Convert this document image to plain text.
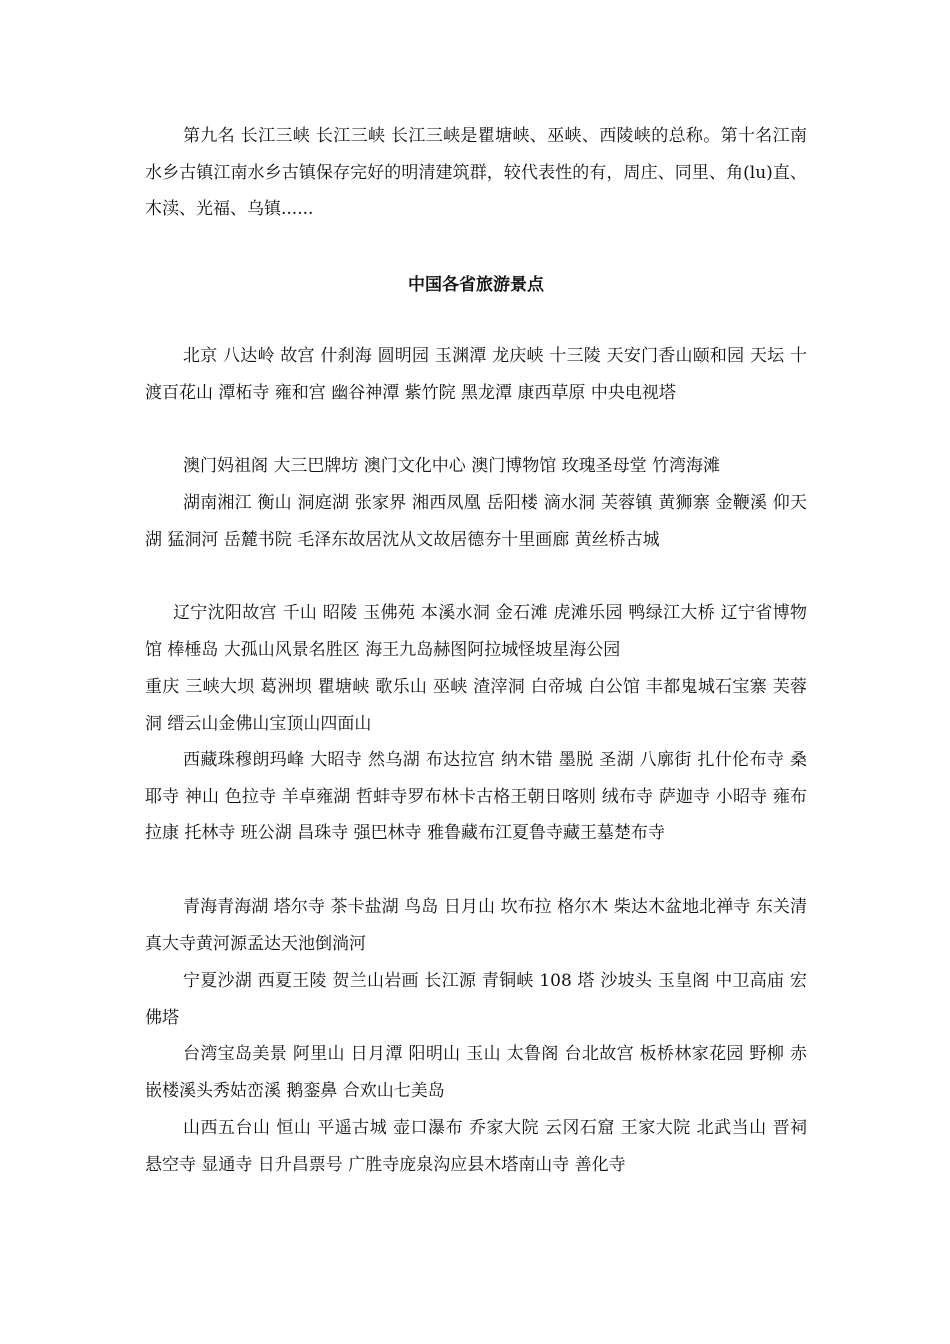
第九名 长江三峡 长江三峡 长江三峡是瞿塘峡、巫峡、西陵峡的总称。第十名江南水乡古镇江南水乡古镇保存完好的明清建筑群，较代表性的有，周庄、同里、角(lu)直、木渎、光福、乌镇......
中国各省旅游景点
北京 八达岭 故宫 什刹海 圆明园 玉渊潭 龙庆峡 十三陵 天安门香山颐和园 天坛 十渡百花山 潭柘寺 雍和宫 幽谷神潭 紫竹院 黑龙潭 康西草原 中央电视塔
澳门妈祖阁 大三巴牌坊 澳门文化中心 澳门博物馆 玫瑰圣母堂 竹湾海滩
湖南湘江 衡山 洞庭湖 张家界 湘西凤凰 岳阳楼 滴水洞 芙蓉镇 黄狮寨 金鞭溪 仰天湖 猛洞河 岳麓书院 毛泽东故居沈从文故居德夯十里画廊 黄丝桥古城
辽宁沈阳故宫 千山 昭陵 玉佛苑 本溪水洞 金石滩 虎滩乐园 鸭绿江大桥 辽宁省博物馆 棒棰岛 大孤山风景名胜区 海王九岛赫图阿拉城怪坡星海公园
重庆 三峡大坝 葛洲坝 瞿塘峡 歌乐山 巫峡 渣滓洞 白帝城 白公馆 丰都鬼城石宝寨 芙蓉洞 缙云山金佛山宝顶山四面山
西藏珠穆朗玛峰 大昭寺 然乌湖 布达拉宫 纳木错 墨脱 圣湖 八廓街 扎什伦布寺 桑耶寺 神山 色拉寺 羊卓雍湖 哲蚌寺罗布林卡古格王朝日喀则 绒布寺 萨迦寺 小昭寺 雍布拉康 托林寺 班公湖 昌珠寺 强巴林寺 雅鲁藏布江夏鲁寺藏王墓楚布寺
青海青海湖 塔尔寺 茶卡盐湖 鸟岛 日月山 坎布拉 格尔木 柴达木盆地北禅寺 东关清真大寺黄河源孟达天池倒淌河
宁夏沙湖 西夏王陵 贺兰山岩画 长江源 青铜峡 108 塔 沙坡头 玉皇阁 中卫高庙 宏佛塔
台湾宝岛美景 阿里山 日月潭 阳明山 玉山 太鲁阁 台北故宫 板桥林家花园 野柳 赤嵌楼溪头秀姑峦溪 鹅銮鼻 合欢山七美岛
山西五台山 恒山 平遥古城 壶口瀑布 乔家大院 云冈石窟 王家大院 北武当山 晋祠 悬空寺 显通寺 日升昌票号 广胜寺庞泉沟应县木塔南山寺 善化寺
